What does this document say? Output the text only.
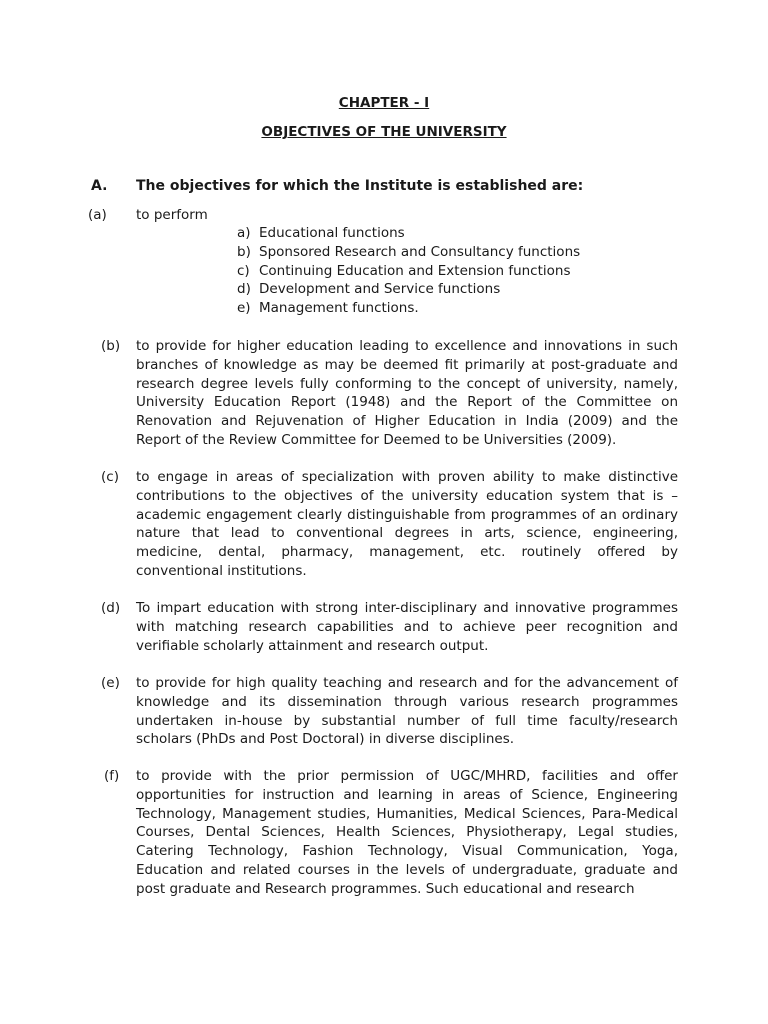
CHAPTER - I
OBJECTIVES OF THE UNIVERSITY
A. The objectives for which the Institute is established are:
(a) to perform
a) Educational functions
b) Sponsored Research and Consultancy functions
c) Continuing Education and Extension functions
d) Development and Service functions
e) Management functions.
(b) to provide for higher education leading to excellence and innovations in such branches of knowledge as may be deemed fit primarily at post-graduate and research degree levels fully conforming to the concept of university, namely, University Education Report (1948) and the Report of the Committee on Renovation and Rejuvenation of Higher Education in India (2009) and the Report of the Review Committee for Deemed to be Universities (2009).
(c) to engage in areas of specialization with proven ability to make distinctive contributions to the objectives of the university education system that is – academic engagement clearly distinguishable from programmes of an ordinary nature that lead to conventional degrees in arts, science, engineering, medicine, dental, pharmacy, management, etc. routinely offered by conventional institutions.
(d) To impart education with strong inter-disciplinary and innovative programmes with matching research capabilities and to achieve peer recognition and verifiable scholarly attainment and research output.
(e) to provide for high quality teaching and research and for the advancement of knowledge and its dissemination through various research programmes undertaken in-house by substantial number of full time faculty/research scholars (PhDs and Post Doctoral) in diverse disciplines.
(f) to provide with the prior permission of UGC/MHRD, facilities and offer opportunities for instruction and learning in areas of Science, Engineering Technology, Management studies, Humanities, Medical Sciences, Para-Medical Courses, Dental Sciences, Health Sciences, Physiotherapy, Legal studies, Catering Technology, Fashion Technology, Visual Communication, Yoga, Education and related courses in the levels of undergraduate, graduate and post graduate and Research programmes. Such educational and research
